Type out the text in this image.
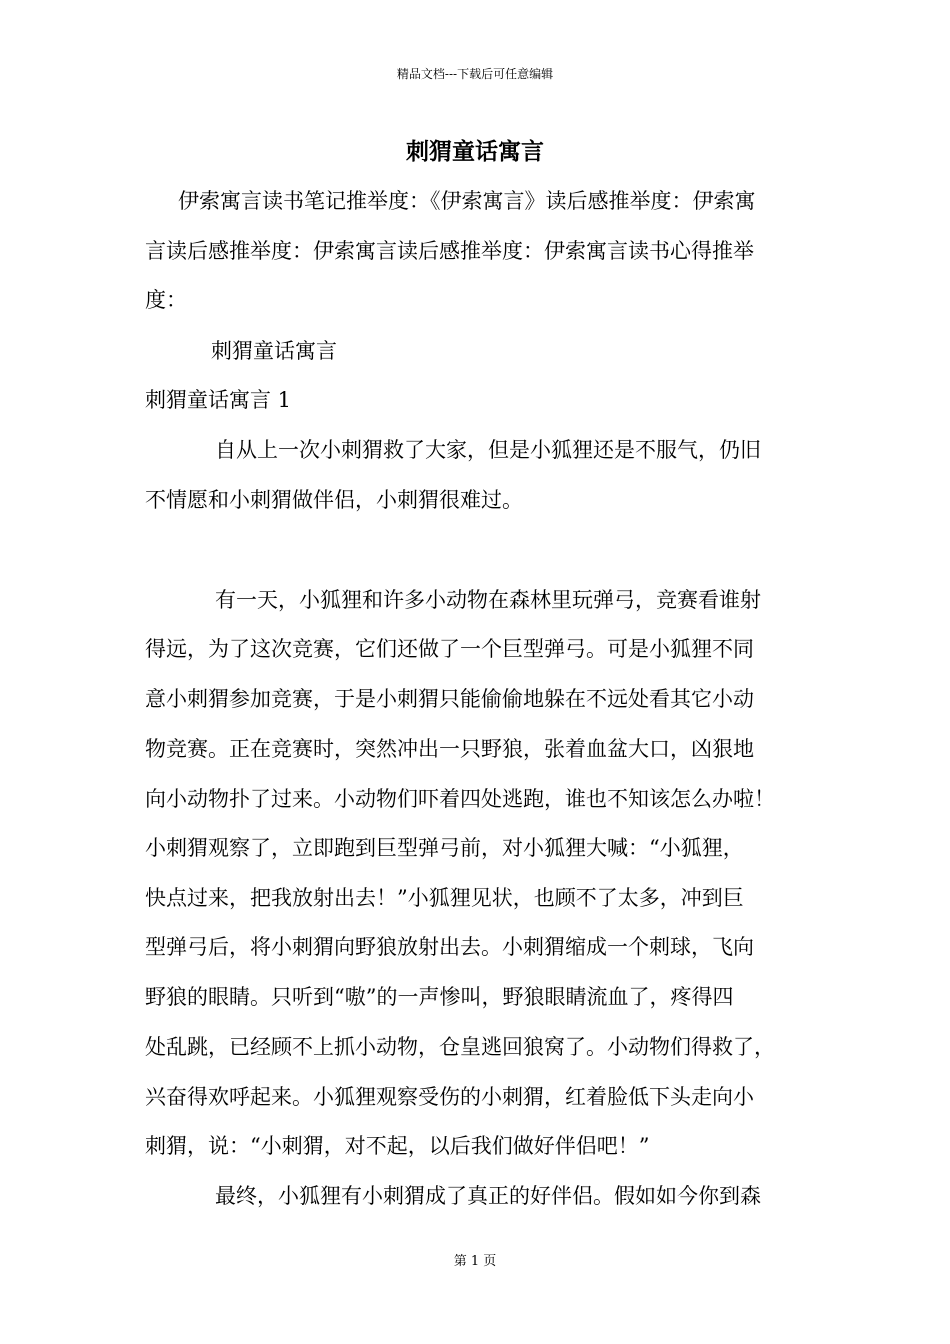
精品文档---下载后可任意编辑
刺猬童话寓言
伊索寓言读书笔记推举度：《伊索寓言》读后感推举度：伊索寓
言读后感推举度：伊索寓言读后感推举度：伊索寓言读书心得推举
度：
刺猬童话寓言
刺猬童话寓言 1
自从上一次小刺猬救了大家，但是小狐狸还是不服气，仍旧
不情愿和小刺猬做伴侣，小刺猬很难过。
有一天，小狐狸和许多小动物在森林里玩弹弓，竞赛看谁射
得远，为了这次竞赛，它们还做了一个巨型弹弓。可是小狐狸不同
意小刺猬参加竞赛，于是小刺猬只能偷偷地躲在不远处看其它小动
物竞赛。正在竞赛时，突然冲出一只野狼，张着血盆大口，凶狠地
向小动物扑了过来。小动物们吓着四处逃跑，谁也不知该怎么办啦！
小刺猬观察了，立即跑到巨型弹弓前，对小狐狸大喊：“小狐狸，
快点过来，把我放射出去！”小狐狸见状，也顾不了太多，冲到巨
型弹弓后，将小刺猬向野狼放射出去。小刺猬缩成一个刺球，飞向
野狼的眼睛。只听到“嗷”的一声惨叫，野狼眼睛流血了，疼得四
处乱跳，已经顾不上抓小动物，仓皇逃回狼窝了。小动物们得救了，
兴奋得欢呼起来。小狐狸观察受伤的小刺猬，红着脸低下头走向小
刺猬，说：“小刺猬，对不起，以后我们做好伴侣吧！”
最终，小狐狸有小刺猬成了真正的好伴侣。假如如今你到森
第 1 页
